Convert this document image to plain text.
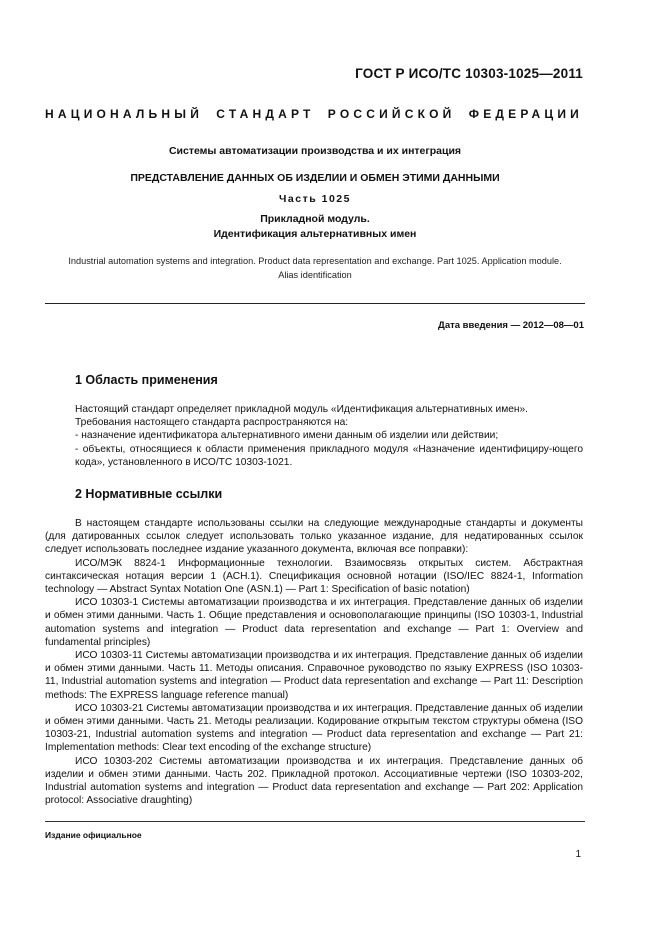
ГОСТ Р ИСО/ТС 10303-1025—2011
НАЦИОНАЛЬНЫЙ СТАНДАРТ РОССИЙСКОЙ ФЕДЕРАЦИИ
Системы автоматизации производства и их интеграция
ПРЕДСТАВЛЕНИЕ ДАННЫХ ОБ ИЗДЕЛИИ И ОБМЕН ЭТИМИ ДАННЫМИ
Часть 1025
Прикладной модуль.
Идентификация альтернативных имен
Industrial automation systems and integration. Product data representation and exchange. Part 1025. Application module. Alias identification
Дата введения — 2012—08—01
1 Область применения

Настоящий стандарт определяет прикладной модуль «Идентификация альтернативных имен».

Требования настоящего стандарта распространяются на:

- назначение идентификатора альтернативного имени данным об изделии или действии;

- объекты, относящиеся к области применения прикладного модуля «Назначение идентифициру-ющего кода», установленного в ИСО/ТС 10303-1021.

2 Нормативные ссылки

В настоящем стандарте использованы ссылки на следующие международные стандарты и документы (для датированных ссылок следует использовать только указанное издание, для недатированных ссылок следует использовать последнее издание указанного документа, включая все поправки):

ИСО/МЭК 8824-1 Информационные технологии. Взаимосвязь открытых систем. Абстрактная синтаксическая нотация версии 1 (АСН.1). Спецификация основной нотации (ISO/IEC 8824-1, Information technology — Abstract Syntax Notation One (ASN.1) — Part 1: Specification of basic notation)

ИСО 10303-1 Системы автоматизации производства и их интеграция. Представление данных об изделии и обмен этими данными. Часть 1. Общие представления и основополагающие принципы (ISO 10303-1, Industrial automation systems and integration — Product data representation and exchange — Part 1: Overview and fundamental principles)

ИСО 10303-11 Системы автоматизации производства и их интеграция. Представление данных об изделии и обмен этими данными. Часть 11. Методы описания. Справочное руководство по языку EXPRESS (ISO 10303-11, Industrial automation systems and integration — Product data representation and exchange — Part 11: Description methods: The EXPRESS language reference manual)

ИСО 10303-21 Системы автоматизации производства и их интеграция. Представление данных об изделии и обмен этими данными. Часть 21. Методы реализации. Кодирование открытым текстом структуры обмена (ISO 10303-21, Industrial automation systems and integration — Product data representation and exchange — Part 21: Implementation methods: Clear text encoding of the exchange structure)

ИСО 10303-202 Системы автоматизации производства и их интеграция. Представление данных об изделии и обмен этими данными. Часть 202. Прикладной протокол. Ассоциативные чертежи (ISO 10303-202, Industrial automation systems and integration — Product data representation and exchange — Part 202: Application protocol: Associative draughting)

Издание официальное
1
